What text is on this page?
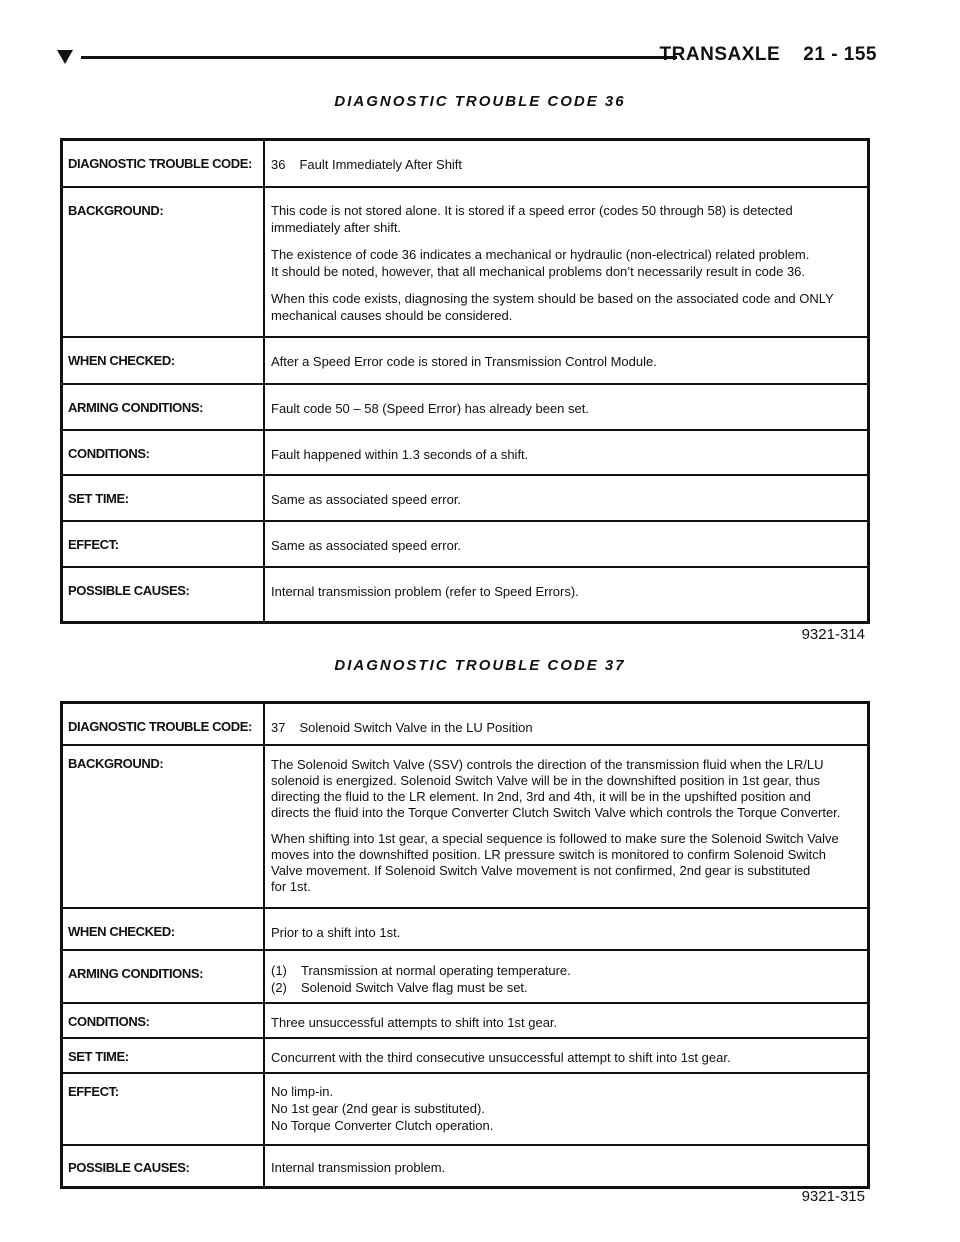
TRANSAXLE    21 - 155
DIAGNOSTIC TROUBLE CODE 36
DIAGNOSTIC TROUBLE CODE:	36 Fault Immediately After Shift
BACKGROUND:	This code is not stored alone. It is stored if a speed error (codes 50 through 58) is detected
immediately after shift.

The existence of code 36 indicates a mechanical or hydraulic (non-electrical) related problem.
It should be noted, however, that all mechanical problems don’t necessarily result in code 36.

When this code exists, diagnosing the system should be based on the associated code and ONLY
mechanical causes should be considered.

WHEN CHECKED:	After a Speed Error code is stored in Transmission Control Module.
ARMING CONDITIONS:	Fault code 50 – 58 (Speed Error) has already been set.
CONDITIONS:	Fault happened within 1.3 seconds of a shift.
SET TIME:	Same as associated speed error.
EFFECT:	Same as associated speed error.
POSSIBLE CAUSES:	Internal transmission problem (refer to Speed Errors).
9321-314
DIAGNOSTIC TROUBLE CODE 37
DIAGNOSTIC TROUBLE CODE:	37 Solenoid Switch Valve in the LU Position
BACKGROUND:	The Solenoid Switch Valve (SSV) controls the direction of the transmission fluid when the LR/LU
solenoid is energized. Solenoid Switch Valve will be in the downshifted position in 1st gear, thus
directing the fluid to the LR element. In 2nd, 3rd and 4th, it will be in the upshifted position and
directs the fluid into the Torque Converter Clutch Switch Valve which controls the Torque Converter.

When shifting into 1st gear, a special sequence is followed to make sure the Solenoid Switch Valve
moves into the downshifted position. LR pressure switch is monitored to confirm Solenoid Switch
Valve movement. If Solenoid Switch Valve movement is not confirmed, 2nd gear is substituted
for 1st.

WHEN CHECKED:	Prior to a shift into 1st.
ARMING CONDITIONS:	(1) Transmission at normal operating temperature.
(2) Solenoid Switch Valve flag must be set.
CONDITIONS:	Three unsuccessful attempts to shift into 1st gear.
SET TIME:	Concurrent with the third consecutive unsuccessful attempt to shift into 1st gear.
EFFECT:	No limp-in.
No 1st gear (2nd gear is substituted).
No Torque Converter Clutch operation.
POSSIBLE CAUSES:	Internal transmission problem.
9321-315
